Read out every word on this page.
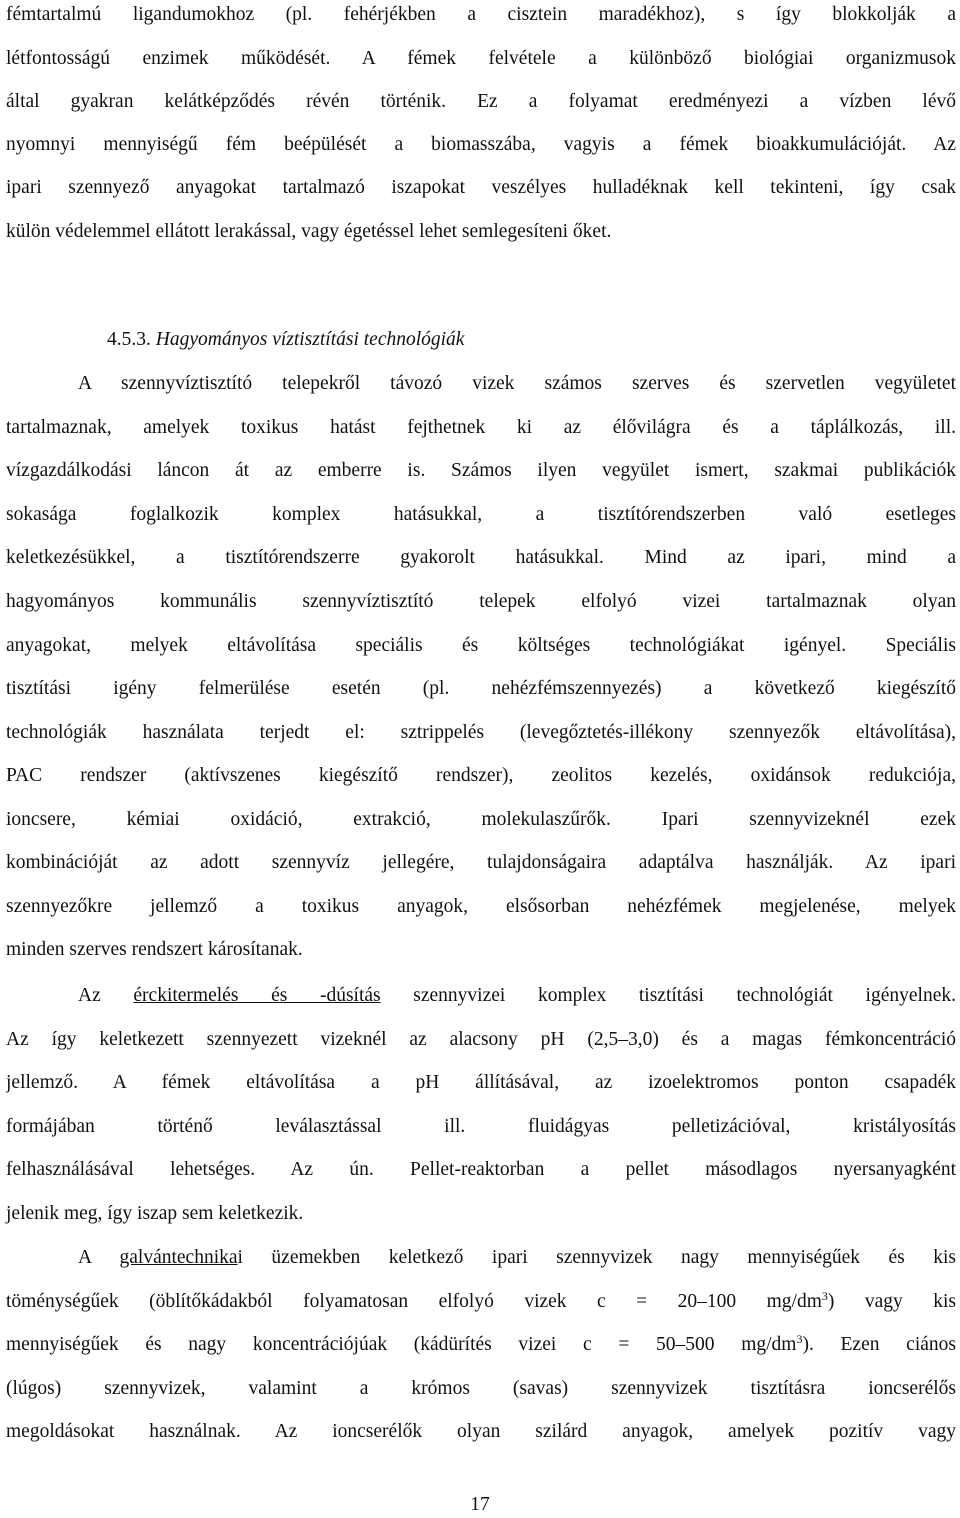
fémtartalmú ligandumokhoz (pl. fehérjékben a cisztein maradékhoz), s így blokkolják a
létfontosságú enzimek működését. A fémek felvétele a különböző biológiai organizmusok
által gyakran kelátképződés révén történik. Ez a folyamat eredményezi a vízben lévő
nyomnyi mennyiségű fém beépülését a biomasszába, vagyis a fémek bioakkumulációját. Az
ipari szennyező anyagokat tartalmazó iszapokat veszélyes hulladéknak kell tekinteni, így csak
külön védelemmel ellátott lerakással, vagy égetéssel lehet semlegesíteni őket.
4.5.3. Hagyományos víztisztítási technológiák
A szennyvíztisztító telepekről távozó vizek számos szerves és szervetlen vegyületet
tartalmaznak, amelyek toxikus hatást fejthetnek ki az élővilágra és a táplálkozás, ill.
vízgazdálkodási láncon át az emberre is. Számos ilyen vegyület ismert, szakmai publikációk
sokasága foglalkozik komplex hatásukkal, a tisztítórendszerben való esetleges
keletkezésükkel, a tisztítórendszerre gyakorolt hatásukkal. Mind az ipari, mind a
hagyományos kommunális szennyvíztisztító telepek elfolyó vizei tartalmaznak olyan
anyagokat, melyek eltávolítása speciális és költséges technológiákat igényel. Speciális
tisztítási igény felmerülése esetén (pl. nehézfémszennyezés) a következő kiegészítő
technológiák használata terjedt el: sztrippelés (levegőztetés-illékony szennyezők eltávolítása),
PAC rendszer (aktívszenes kiegészítő rendszer), zeolitos kezelés, oxidánsok redukciója,
ioncsere, kémiai oxidáció, extrakció, molekulaszűrők. Ipari szennyvizeknél ezek
kombinációját az adott szennyvíz jellegére, tulajdonságaira adaptálva használják. Az ipari
szennyezőkre jellemző a toxikus anyagok, elsősorban nehézfémek megjelenése, melyek
minden szerves rendszert károsítanak.
Az érckitermelés és -dúsítás szennyvizei komplex tisztítási technológiát igényelnek.
Az így keletkezett szennyezett vizeknél az alacsony pH (2,5–3,0) és a magas fémkoncentráció
jellemző. A fémek eltávolítása a pH állításával, az izoelektromos ponton csapadék
formájában történő leválasztással ill. fluidágyas pelletizációval, kristályosítás
felhasználásával lehetséges. Az ún. Pellet-reaktorban a pellet másodlagos nyersanyagként
jelenik meg, így iszap sem keletkezik.
A galvántechnikai üzemekben keletkező ipari szennyvizek nagy mennyiségűek és kis
töménységűek (öblítőkádakból folyamatosan elfolyó vizek c = 20–100 $mg/dm^3$) vagy kis
mennyiségűek és nagy koncentrációjúak (kádürítés vizei c = 50–500 $mg/dm^3$). Ezen ciános
(lúgos) szennyvizek, valamint a krómos (savas) szennyvizek tisztításra ioncserélős
megoldásokat használnak. Az ioncserélők olyan szilárd anyagok, amelyek pozitív vagy
17
